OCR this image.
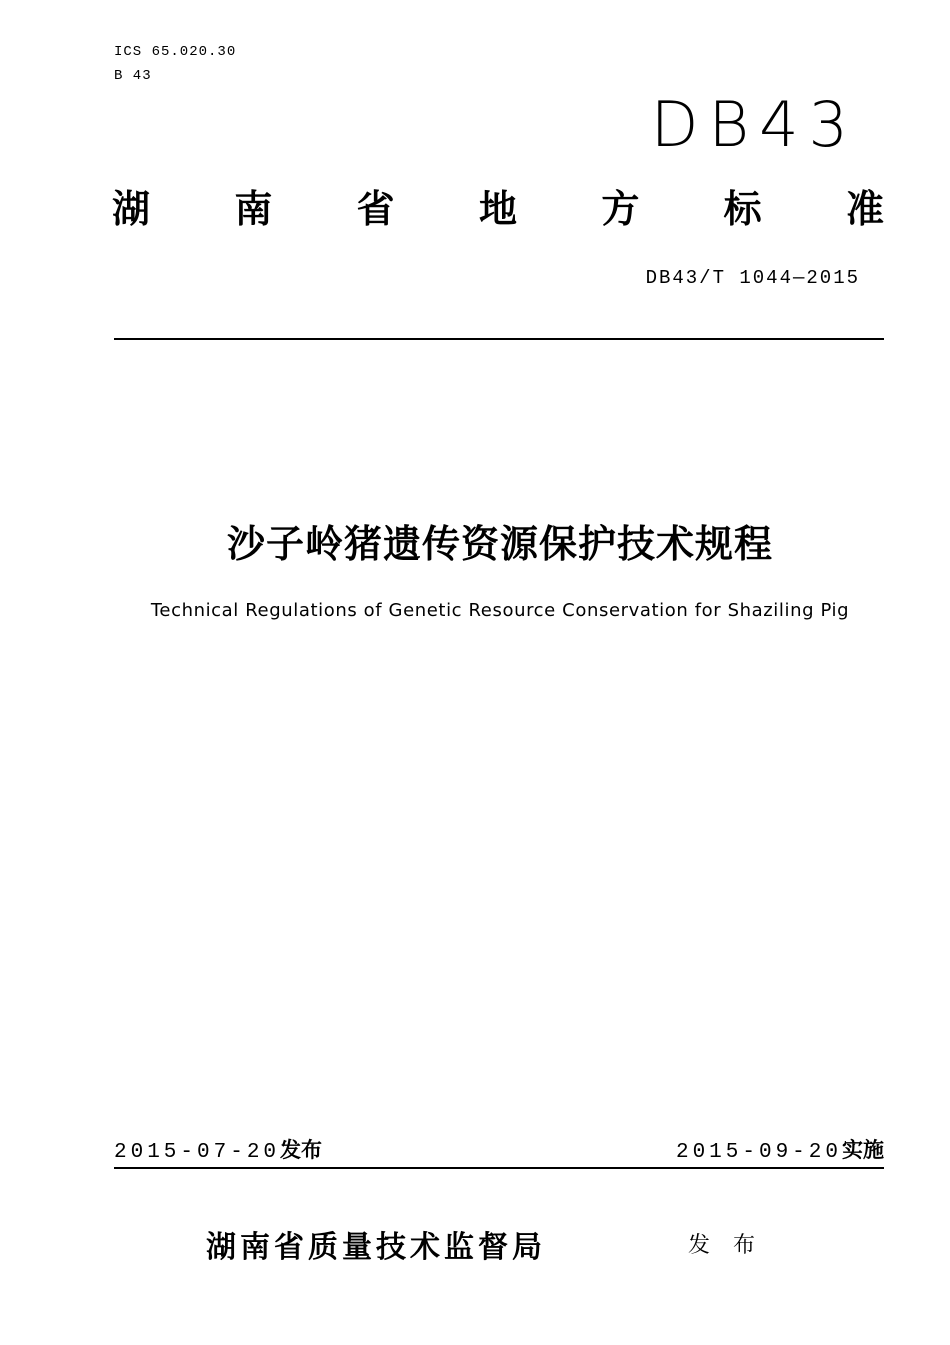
ICS 65.020.30
B 43
DB43
湖 南 省 地 方 标 准
DB43/T 1044—2015
沙子岭猪遗传资源保护技术规程
Technical Regulations of Genetic Resource Conservation for Shaziling Pig
2015-07-20发布	2015-09-20实施
湖南省质量技术监督局	发 布
